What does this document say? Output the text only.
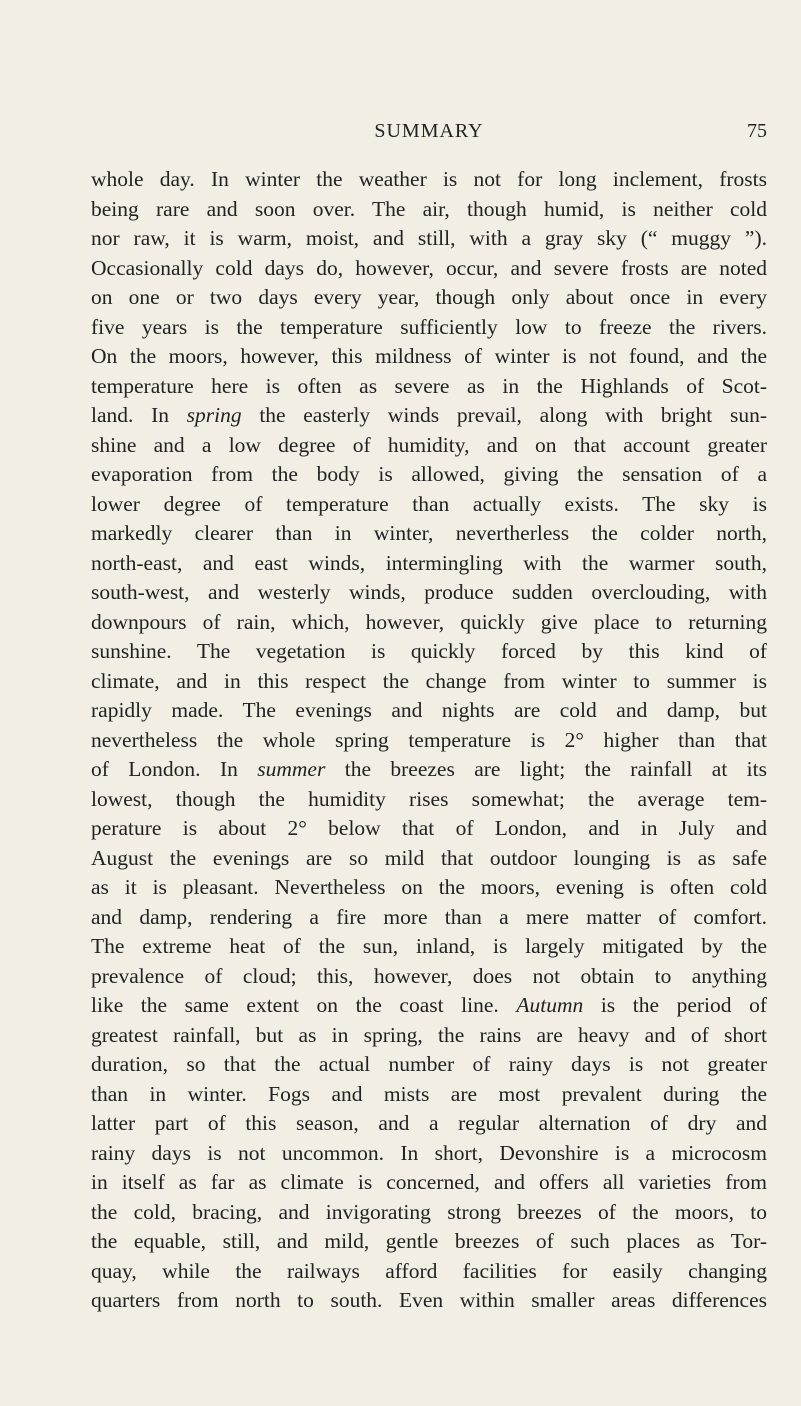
SUMMARY	75
whole day. In winter the weather is not for long inclement, frosts
being rare and soon over. The air, though humid, is neither cold
nor raw, it is warm, moist, and still, with a gray sky (“ muggy ”).
Occasionally cold days do, however, occur, and severe frosts are noted
on one or two days every year, though only about once in every
five years is the temperature sufficiently low to freeze the rivers.
On the moors, however, this mildness of winter is not found, and the
temperature here is often as severe as in the Highlands of Scot-
land. In spring the easterly winds prevail, along with bright sun-
shine and a low degree of humidity, and on that account greater
evaporation from the body is allowed, giving the sensation of a
lower degree of temperature than actually exists. The sky is
markedly clearer than in winter, nevertherless the colder north,
north-east, and east winds, intermingling with the warmer south,
south-west, and westerly winds, produce sudden overclouding, with
downpours of rain, which, however, quickly give place to returning
sunshine. The vegetation is quickly forced by this kind of
climate, and in this respect the change from winter to summer is
rapidly made. The evenings and nights are cold and damp, but
nevertheless the whole spring temperature is 2° higher than that
of London. In summer the breezes are light; the rainfall at its
lowest, though the humidity rises somewhat; the average tem-
perature is about 2° below that of London, and in July and
August the evenings are so mild that outdoor lounging is as safe
as it is pleasant. Nevertheless on the moors, evening is often cold
and damp, rendering a fire more than a mere matter of comfort.
The extreme heat of the sun, inland, is largely mitigated by the
prevalence of cloud; this, however, does not obtain to anything
like the same extent on the coast line. Autumn is the period of
greatest rainfall, but as in spring, the rains are heavy and of short
duration, so that the actual number of rainy days is not greater
than in winter. Fogs and mists are most prevalent during the
latter part of this season, and a regular alternation of dry and
rainy days is not uncommon. In short, Devonshire is a microcosm
in itself as far as climate is concerned, and offers all varieties from
the cold, bracing, and invigorating strong breezes of the moors, to
the equable, still, and mild, gentle breezes of such places as Tor-
quay, while the railways afford facilities for easily changing
quarters from north to south. Even within smaller areas differences
